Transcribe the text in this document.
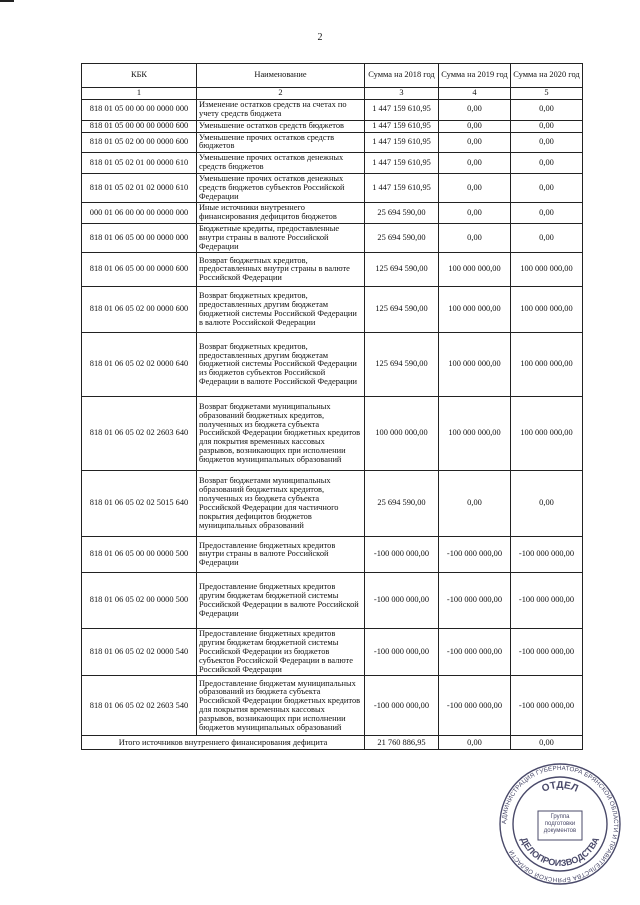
2
КБК	Наименование	Сумма на 2018 год	Сумма на 2019 год	Сумма на 2020 год
1	2	3	4	5
818 01 05 00 00 00 0000 000	Изменение остатков средств на счетах по учету средств бюджета	1 447 159 610,95	0,00	0,00
818 01 05 00 00 00 0000 600	Уменьшение остатков средств бюджетов	1 447 159 610,95	0,00	0,00
818 01 05 02 00 00 0000 600	Уменьшение прочих остатков средств бюджетов	1 447 159 610,95	0,00	0,00
818 01 05 02 01 00 0000 610	Уменьшение прочих остатков денежных средств бюджетов	1 447 159 610,95	0,00	0,00
818 01 05 02 01 02 0000 610	Уменьшение прочих остатков денежных средств бюджетов субъектов Российской Федерации	1 447 159 610,95	0,00	0,00
000 01 06 00 00 00 0000 000	Иные источники внутреннего финансирования дефицитов бюджетов	25 694 590,00	0,00	0,00
818 01 06 05 00 00 0000 000	Бюджетные кредиты, предоставленные внутри страны в валюте Российской Федерации	25 694 590,00	0,00	0,00
818 01 06 05 00 00 0000 600	Возврат бюджетных кредитов, предоставленных внутри страны в валюте Российской Федерации	125 694 590,00	100 000 000,00	100 000 000,00
818 01 06 05 02 00 0000 600	Возврат бюджетных кредитов, предоставленных другим бюджетам бюджетной системы Российской Федерации в валюте Российской Федерации	125 694 590,00	100 000 000,00	100 000 000,00
818 01 06 05 02 02 0000 640	Возврат бюджетных кредитов, предоставленных другим бюджетам бюджетной системы Российской Федерации из бюджетов субъектов Российской Федерации в валюте Российской Федерации	125 694 590,00	100 000 000,00	100 000 000,00
818 01 06 05 02 02 2603 640	Возврат бюджетами муниципальных образований бюджетных кредитов, полученных из бюджета субъекта Российской Федерации бюджетных кредитов для покрытия временных кассовых разрывов, возникающих при исполнении бюджетов муниципальных образований	100 000 000,00	100 000 000,00	100 000 000,00
818 01 06 05 02 02 5015 640	Возврат бюджетами муниципальных образований бюджетных кредитов, полученных из бюджета субъекта Российской Федерации для частичного покрытия дефицитов бюджетов муниципальных образований	25 694 590,00	0,00	0,00
818 01 06 05 00 00 0000 500	Предоставление бюджетных кредитов внутри страны в валюте Российской Федерации	-100 000 000,00	-100 000 000,00	-100 000 000,00
818 01 06 05 02 00 0000 500	Предоставление бюджетных кредитов другим бюджетам бюджетной системы Российской Федерации в валюте Российской Федерации	-100 000 000,00	-100 000 000,00	-100 000 000,00
818 01 06 05 02 02 0000 540	Предоставление бюджетных кредитов другим бюджетам бюджетной системы Российской Федерации из бюджетов субъектов Российской Федерации в валюте Российской Федерации	-100 000 000,00	-100 000 000,00	-100 000 000,00
818 01 06 05 02 02 2603 540	Предоставление бюджетам муниципальных образований из бюджета субъекта Российской Федерации бюджетных кредитов для покрытия временных кассовых разрывов, возникающих при исполнении бюджетов муниципальных образований	-100 000 000,00	-100 000 000,00	-100 000 000,00
Итого источников внутреннего финансирования дефицита		21 760 886,95	0,00	0,00
АДМИНИСТРАЦИЯ ГУБЕРНАТОРА БРЯНСКОЙ ОБЛАСТИ И ПРАВИТЕЛЬСТВА БРЯНСКОЙ ОБЛАСТИ
ОТДЕЛ
ДЕЛОПРОИЗВОДСТВА
Группа подготовки документов
